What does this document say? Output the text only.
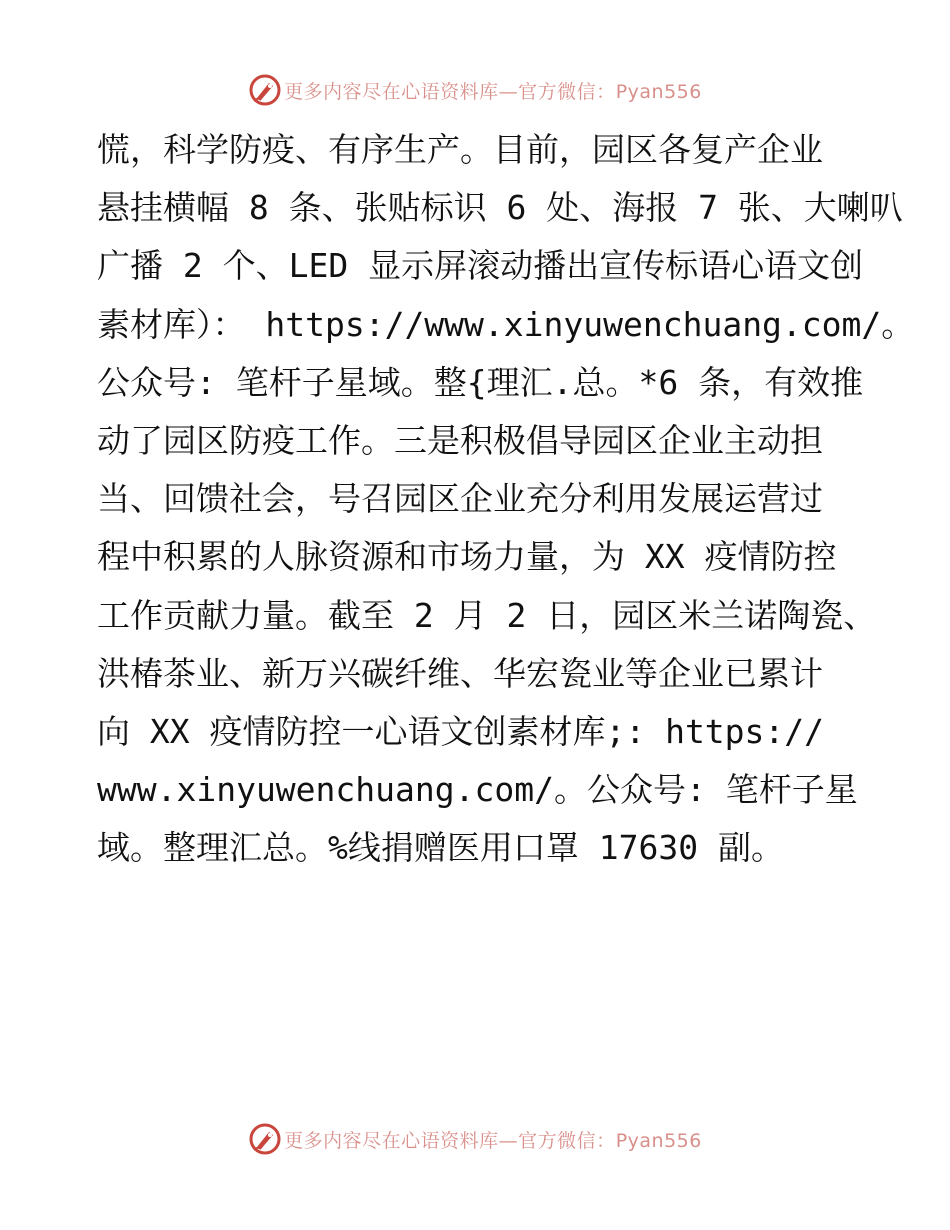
更多内容尽在心语资料库—官方微信：Pyan556
慌，科学防疫、有序生产。目前，园区各复产企业
悬挂横幅 8 条、张贴标识 6 处、海报 7 张、大喇叭
广播 2 个、LED 显示屏滚动播出宣传标语心语文创
素材库）： https://www.xinyuwenchuang.com/。
公众号: 笔杆子星域。整{理汇.总。*6 条，有效推
动了园区防疫工作。三是积极倡导园区企业主动担
当、回馈社会，号召园区企业充分利用发展运营过
程中积累的人脉资源和市场力量，为 XX 疫情防控
工作贡献力量。截至 2 月 2 日，园区米兰诺陶瓷、
洪椿茶业、新万兴碳纤维、华宏瓷业等企业已累计
向 XX 疫情防控一心语文创素材库;: https://
www.xinyuwenchuang.com/。公众号: 笔杆子星
域。整理汇总。%线捐赠医用口罩 17630 副。
更多内容尽在心语资料库—官方微信：Pyan556
